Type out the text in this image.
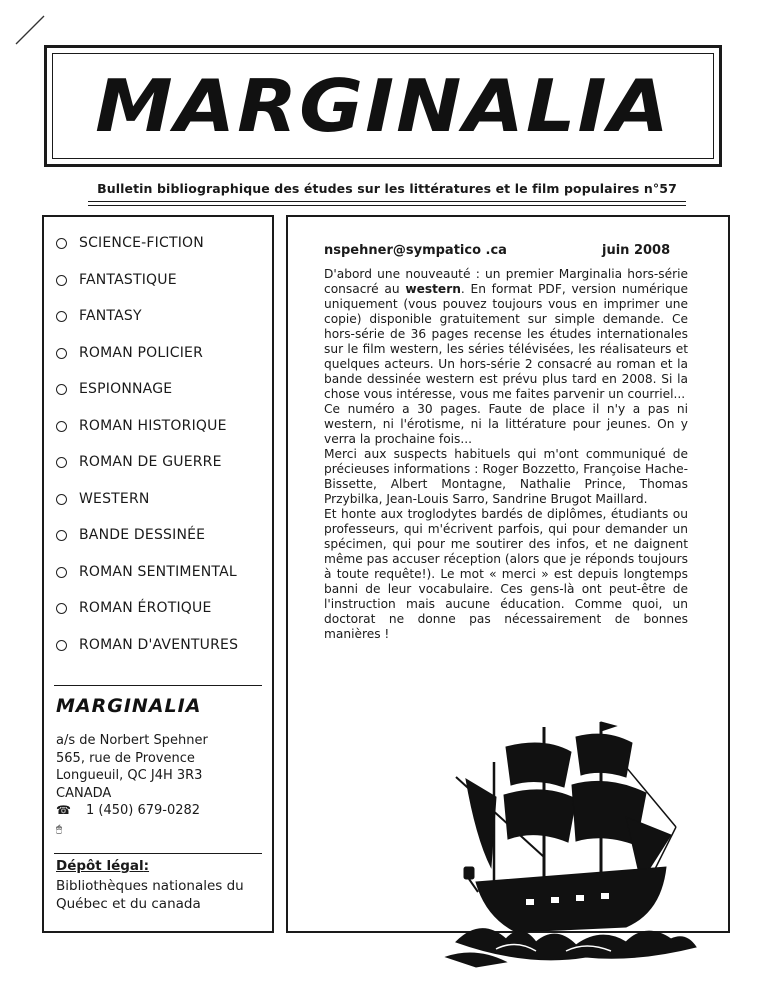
MARGINALIA
Bulletin bibliographique des études sur les littératures et le film populaires n°57
SCIENCE-FICTION
FANTASTIQUE
FANTASY
ROMAN POLICIER
ESPIONNAGE
ROMAN HISTORIQUE
ROMAN DE GUERRE
WESTERN
BANDE DESSINÉE
ROMAN SENTIMENTAL
ROMAN ÉROTIQUE
ROMAN D'AVENTURES
MARGINALIA
a/s de Norbert Spehner
565, rue de Provence
Longueuil, QC J4H 3R3
CANADA
☎ 1 (450) 679-0282
🖱
Dépôt légal:
Bibliothèques nationales du Québec et du canada
nspehner@sympatico .ca	juin 2008

D'abord une nouveauté : un premier Marginalia hors-série consacré au western. En format PDF, version numérique uniquement (vous pouvez toujours vous en imprimer une copie) disponible gratuitement sur simple demande. Ce hors-série de 36 pages recense les études internationales sur le film western, les séries télévisées, les réalisateurs et quelques acteurs. Un hors-série 2 consacré au roman et la bande dessinée western est prévu plus tard en 2008. Si la chose vous intéresse, vous me faites parvenir un courriel...

Ce numéro a 30 pages. Faute de place il n'y a pas ni western, ni l'érotisme, ni la littérature pour jeunes. On y verra la prochaine fois...

Merci aux suspects habituels qui m'ont communiqué de précieuses informations : Roger Bozzetto, Françoise Hache-Bissette, Albert Montagne, Nathalie Prince, Thomas Przybilka, Jean-Louis Sarro, Sandrine Brugot Maillard.

Et honte aux troglodytes bardés de diplômes, étudiants ou professeurs, qui m'écrivent parfois, qui pour demander un spécimen, qui pour me soutirer des infos, et ne daignent même pas accuser réception (alors que je réponds toujours à toute requête!). Le mot « merci » est depuis longtemps banni de leur vocabulaire. Ces gens-là ont peut-être de l'instruction mais aucune éducation. Comme quoi, un doctorat ne donne pas nécessairement de bonnes manières !
